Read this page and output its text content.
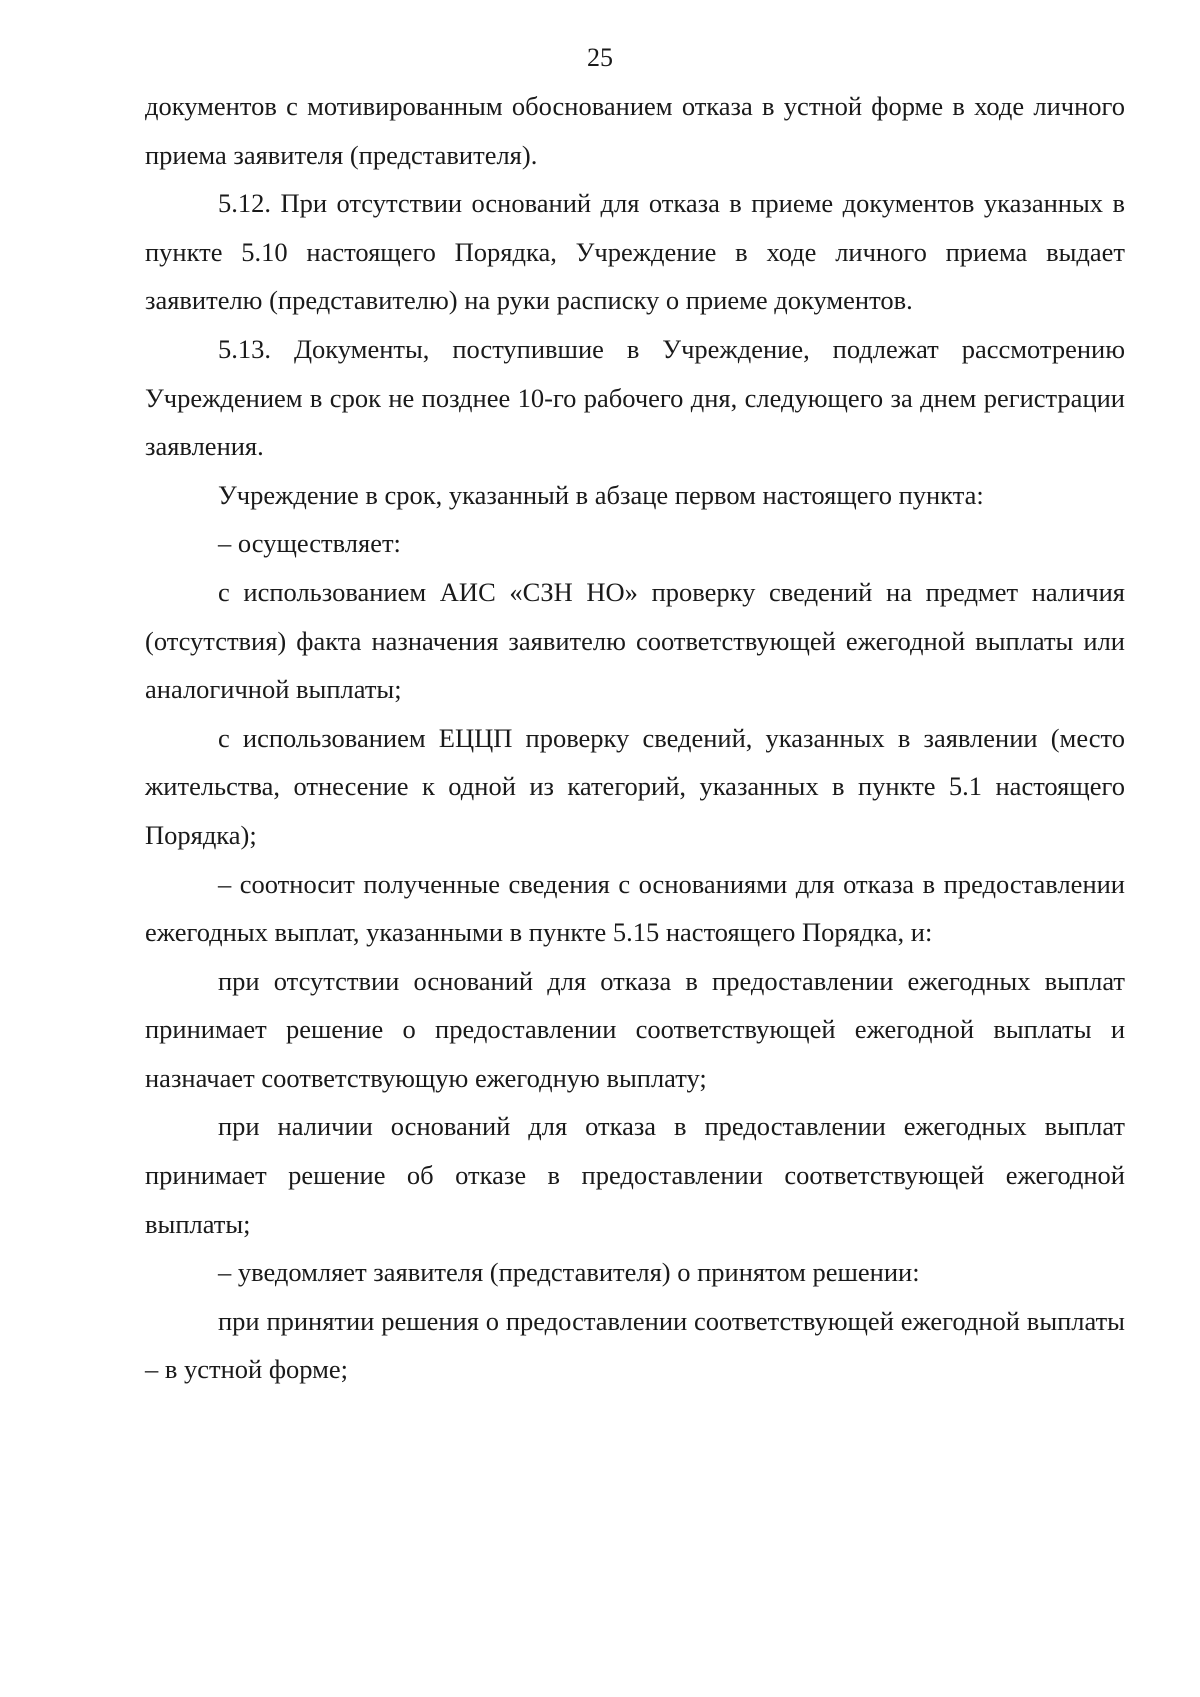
25

документов с мотивированным обоснованием отказа в устной форме в ходе личного приема заявителя (представителя).

5.12. При отсутствии оснований для отказа в приеме документов указанных в пункте 5.10 настоящего Порядка, Учреждение в ходе личного приема выдает заявителю (представителю) на руки расписку о приеме документов.

5.13. Документы, поступившие в Учреждение, подлежат рассмотрению Учреждением в срок не позднее 10-го рабочего дня, следующего за днем регистрации заявления.

Учреждение в срок, указанный в абзаце первом настоящего пункта:

– осуществляет:

с использованием АИС «СЗН НО» проверку сведений на предмет наличия (отсутствия) факта назначения заявителю соответствующей ежегодной выплаты или аналогичной выплаты;

с использованием ЕЦЦП проверку сведений, указанных в заявлении (место жительства, отнесение к одной из категорий, указанных в пункте 5.1 настоящего Порядка);

– соотносит полученные сведения с основаниями для отказа в предоставлении ежегодных выплат, указанными в пункте 5.15 настоящего Порядка, и:

при отсутствии оснований для отказа в предоставлении ежегодных выплат принимает решение о предоставлении соответствующей ежегодной выплаты и назначает соответствующую ежегодную выплату;

при наличии оснований для отказа в предоставлении ежегодных выплат принимает решение об отказе в предоставлении соответствующей ежегодной выплаты;

– уведомляет заявителя (представителя) о принятом решении:

при принятии решения о предоставлении соответствующей ежегодной выплаты – в устной форме;
